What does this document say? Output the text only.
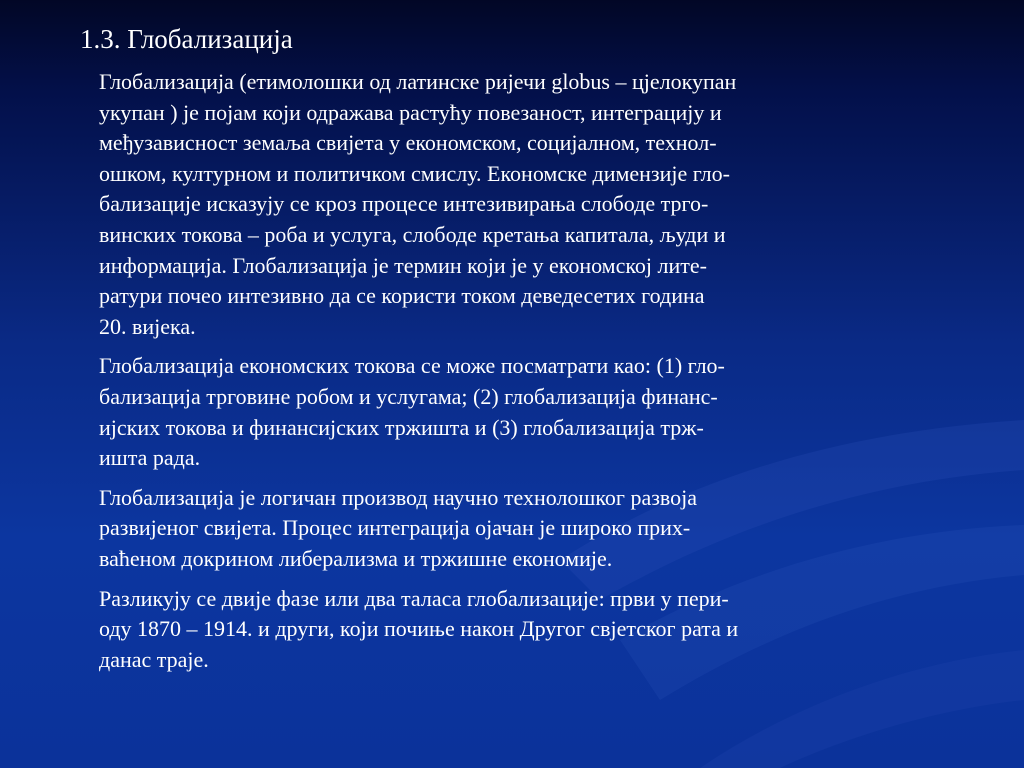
1.3. Глобализација

Глобализација (етимолошки од латинске ријечи globus – цјелокупан
укупан ) је појам који одражава растућу повезаност, интеграцију и
међузависност земаља свијета у економском, социјалном, технол-
ошком, културном и политичком смислу. Економске димензије гло-
бализације исказују се кроз процесе интезивирања слободе трго-
винских токова – роба и услуга, слободе кретања капитала, људи и
информација. Глобализација је термин који је у економској лите-
ратури почео интезивно да се користи током деведесетих година
20. вијека.

Глобализација економских токова се може посматрати као: (1) гло-
бализација трговине робом и услугама; (2) глобализација финанс-
ијских токова и финансијских тржишта и (3) глобализација трж-
ишта рада.

Глобализација је логичан производ научно технолошког развоја
развијеног свијета. Процес интеграција ојачан је широко прих-
ваћеном докрином либерализма и тржишне економије.

Разликују се двије фазе или два таласа глобализације: први у пери-
оду 1870 – 1914. и други, који почиње након Другог свјетског рата и
данас траје.
